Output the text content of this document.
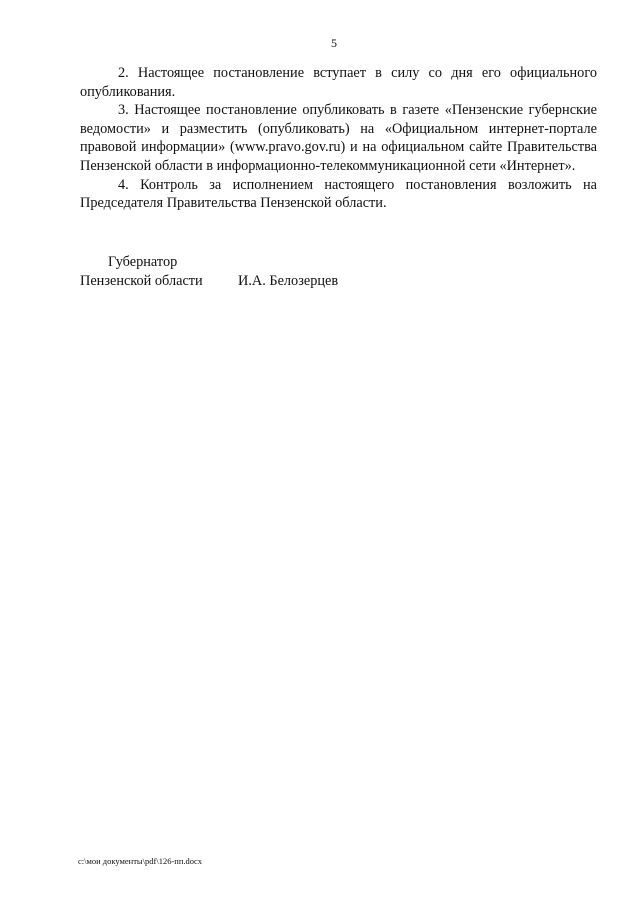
5

2. Настоящее постановление вступает в силу со дня его официального опубликования.

3. Настоящее постановление опубликовать в газете «Пензенские губернские ведомости» и разместить (опубликовать) на «Официальном интернет-портале правовой информации» (www.pravo.gov.ru) и на официальном сайте Правительства Пензенской области в информационно-телекоммуникационной сети «Интернет».

4. Контроль за исполнением настоящего постановления возложить на Председателя Правительства Пензенской области.

Губернатор
Пензенской области И.А. Белозерцев
c:\мои документы\pdf\126-пп.docx
